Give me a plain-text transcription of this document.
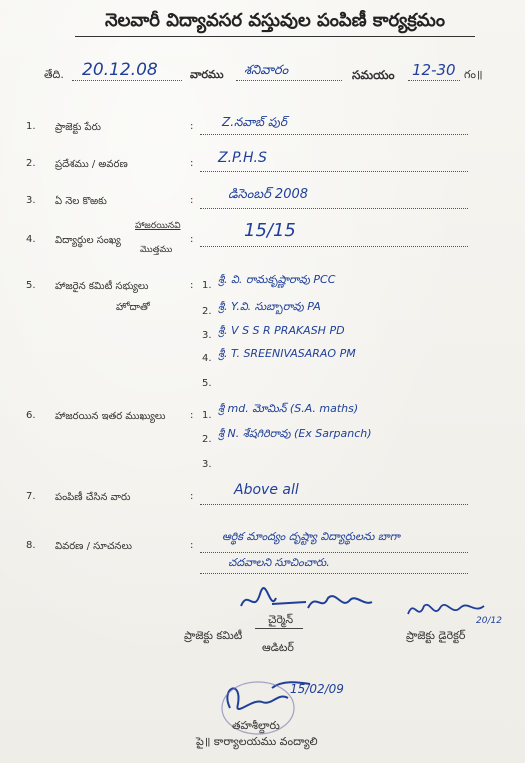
నెలవారీ విద్యావసర వస్తువుల పంపిణీ కార్యక్రమం
తేది. 20.12.08	వారము శనివారం	సమయం 12-30 గం॥
1. ప్రాజెక్టు పేరు	: Z.నవాబ్ పుర్
2. ప్రదేశము / అవరణ	: Z.P.H.S
3. ఏ నెల కొఱకు	:	డిసెంబర్ 2008
4. విద్యార్థుల సంఖ్య
హాజరయినవి
మొత్తము
:	15/15
5. హాజరైన కమిటీ సభ్యులు
హోదాతో
: 1. శ్రీ. వి. రామకృష్ణారావు PCC
2. శ్రీ. Y.వి. సుబ్బారావు PA
3. శ్రీ. V S S R PRAKASH PD
4. శ్రీ. T. SREENIVASARAO PM
5.
6. హాజరయిన ఇతర ముఖ్యులు : 1.
శ్రీ md. మోమిన్ (S.A. maths)
2. శ్రీ N. శేషగిరిరావు (Ex Sarpanch)
3.
7. పంపిణీ చేసిన వారు	:	Above all
8. వివరణ / సూచనలు	:
ఆర్థిక మాంద్యం దృష్ట్యా విద్యార్థులను బాగా
చదవాలని సూచించారు.
20/12
చైర్మెన్
ప్రాజెక్టు కమిటీ
ఆడిటర్
ప్రాజెక్టు డైరెక్టర్
15/02/09
తహశీల్దారు
పై॥ కార్యాలయము వంద్యాలి
